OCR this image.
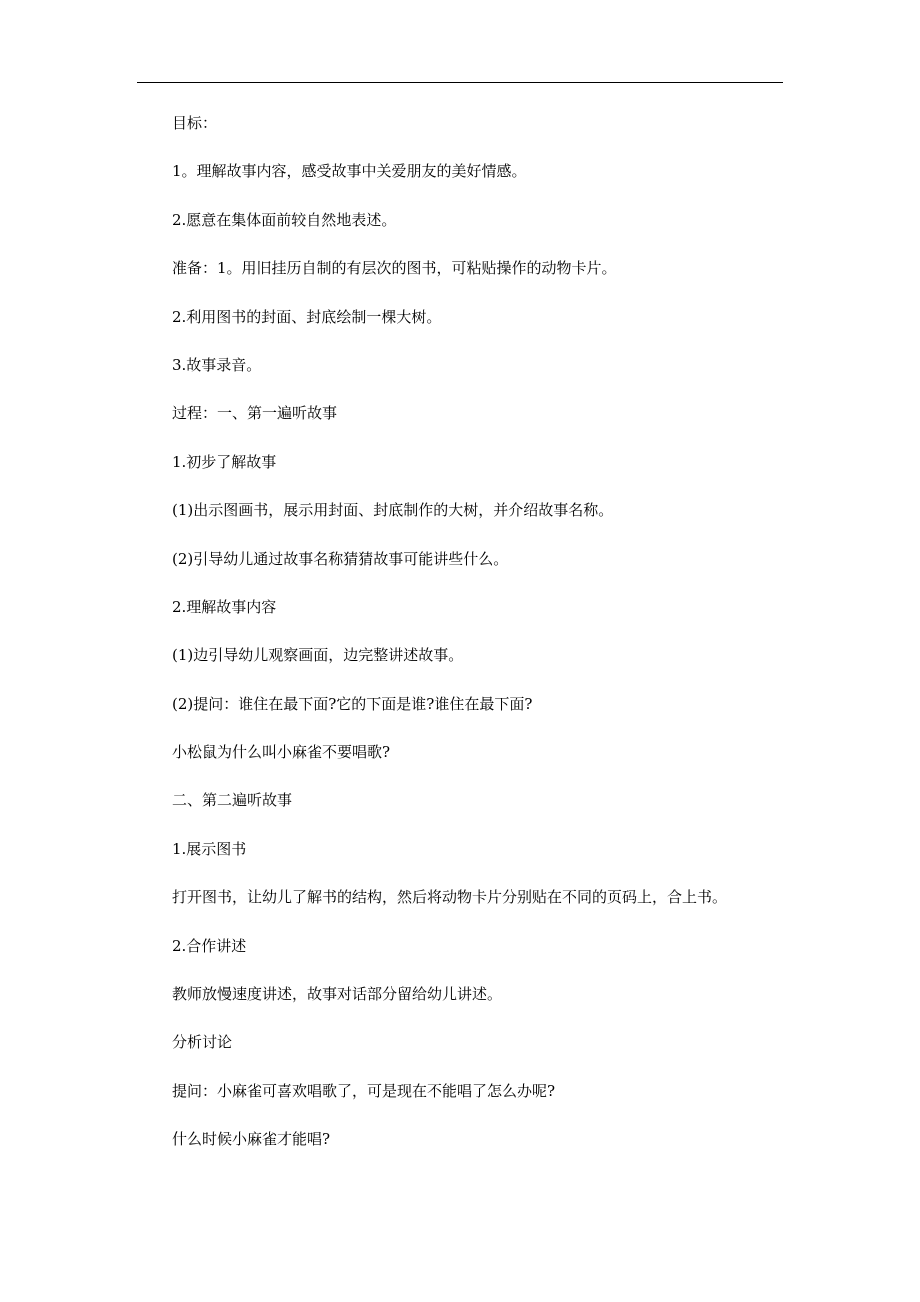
目标：

1。理解故事内容，感受故事中关爱朋友的美好情感。

2.愿意在集体面前较自然地表述。

准备：1。用旧挂历自制的有层次的图书，可粘贴操作的动物卡片。

2.利用图书的封面、封底绘制一棵大树。

3.故事录音。

过程：一、第一遍听故事

1.初步了解故事

(1)出示图画书，展示用封面、封底制作的大树，并介绍故事名称。

(2)引导幼儿通过故事名称猜猜故事可能讲些什么。

2.理解故事内容

(1)边引导幼儿观察画面，边完整讲述故事。

(2)提问：谁住在最下面?它的下面是谁?谁住在最下面?

小松鼠为什么叫小麻雀不要唱歌?

二、第二遍听故事

1.展示图书

打开图书，让幼儿了解书的结构，然后将动物卡片分别贴在不同的页码上，合上书。

2.合作讲述

教师放慢速度讲述，故事对话部分留给幼儿讲述。

分析讨论

提问：小麻雀可喜欢唱歌了，可是现在不能唱了怎么办呢?

什么时候小麻雀才能唱?
